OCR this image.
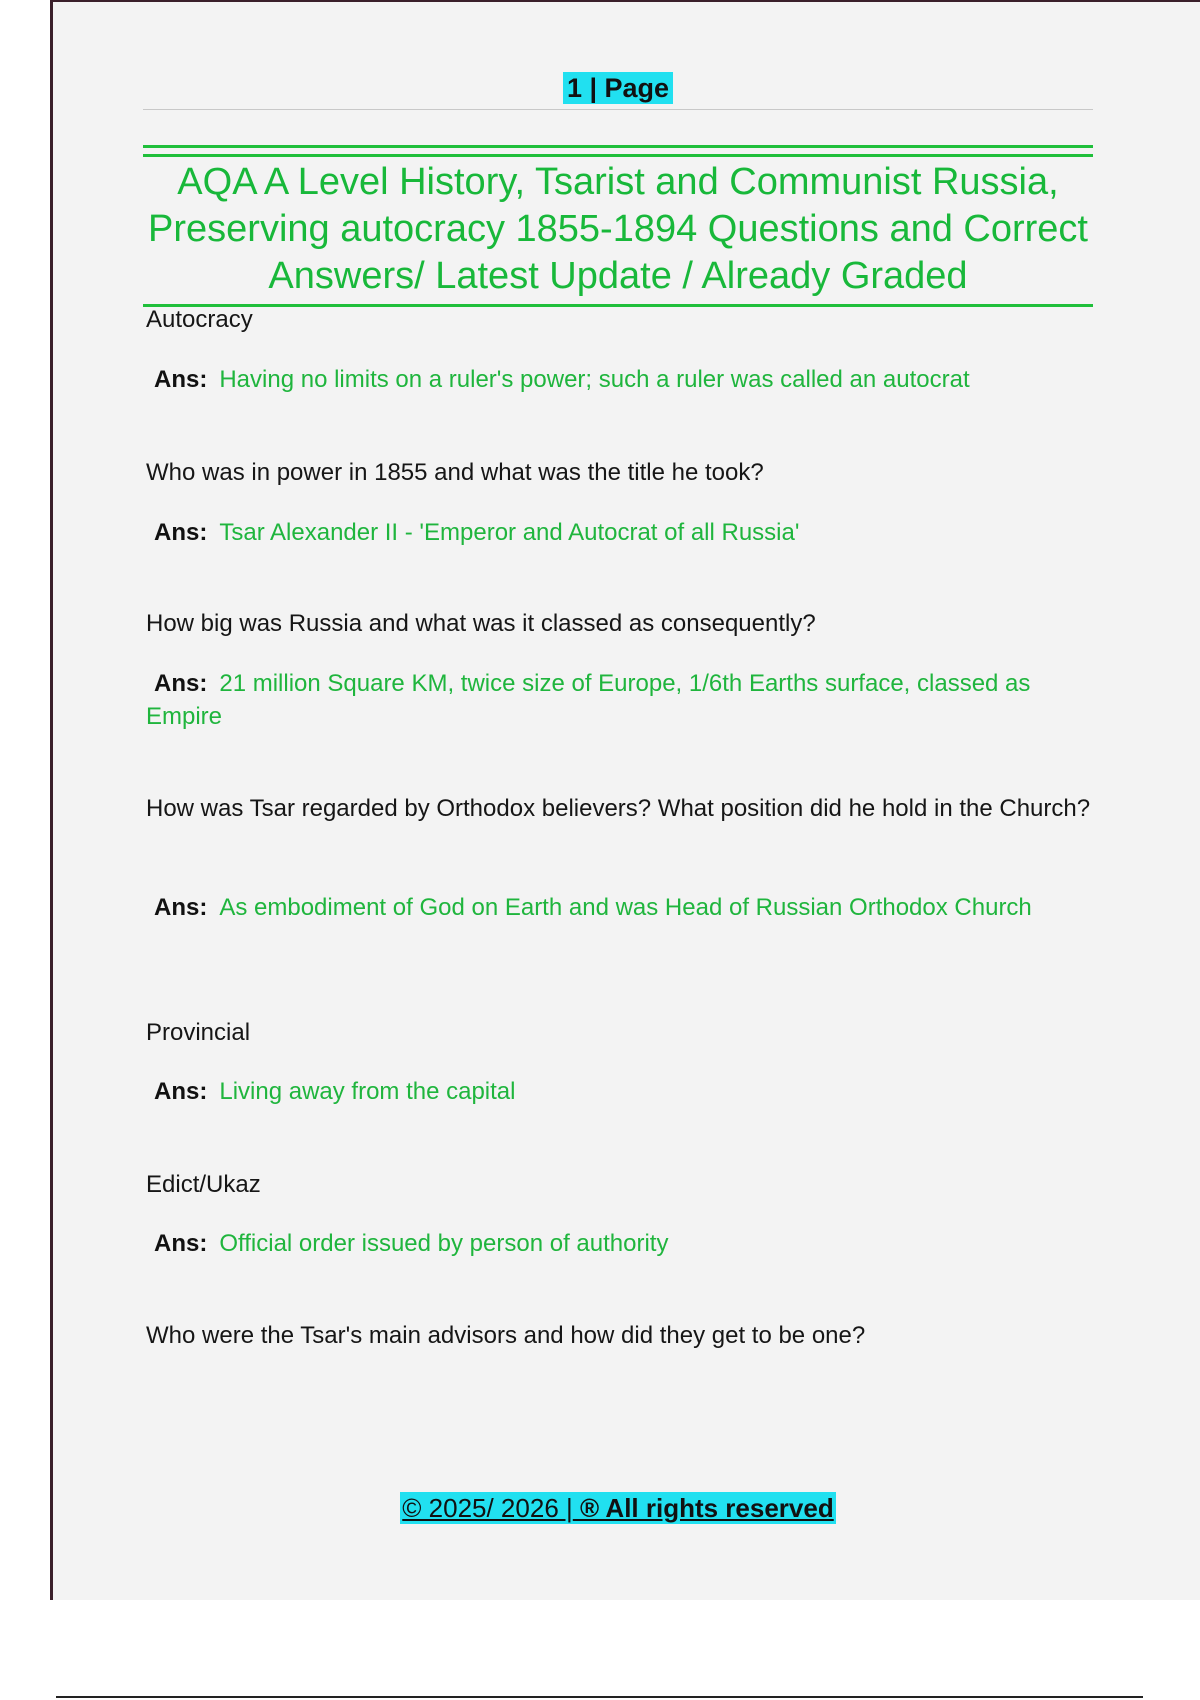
1 | Page
AQA A Level History, Tsarist and Communist Russia,
Preserving autocracy 1855-1894 Questions and Correct
Answers/ Latest Update / Already Graded
Autocracy
Ans: Having no limits on a ruler's power; such a ruler was called an autocrat
Who was in power in 1855 and what was the title he took?
Ans: Tsar Alexander II - 'Emperor and Autocrat of all Russia'
How big was Russia and what was it classed as consequently?
Ans: 21 million Square KM, twice size of Europe, 1/6th Earths surface, classed as Empire
How was Tsar regarded by Orthodox believers? What position did he hold in the Church?
Ans: As embodiment of God on Earth and was Head of Russian Orthodox Church
Provincial
Ans: Living away from the capital
Edict/Ukaz
Ans: Official order issued by person of authority
Who were the Tsar's main advisors and how did they get to be one?
© 2025/ 2026 | ® All rights reserved
